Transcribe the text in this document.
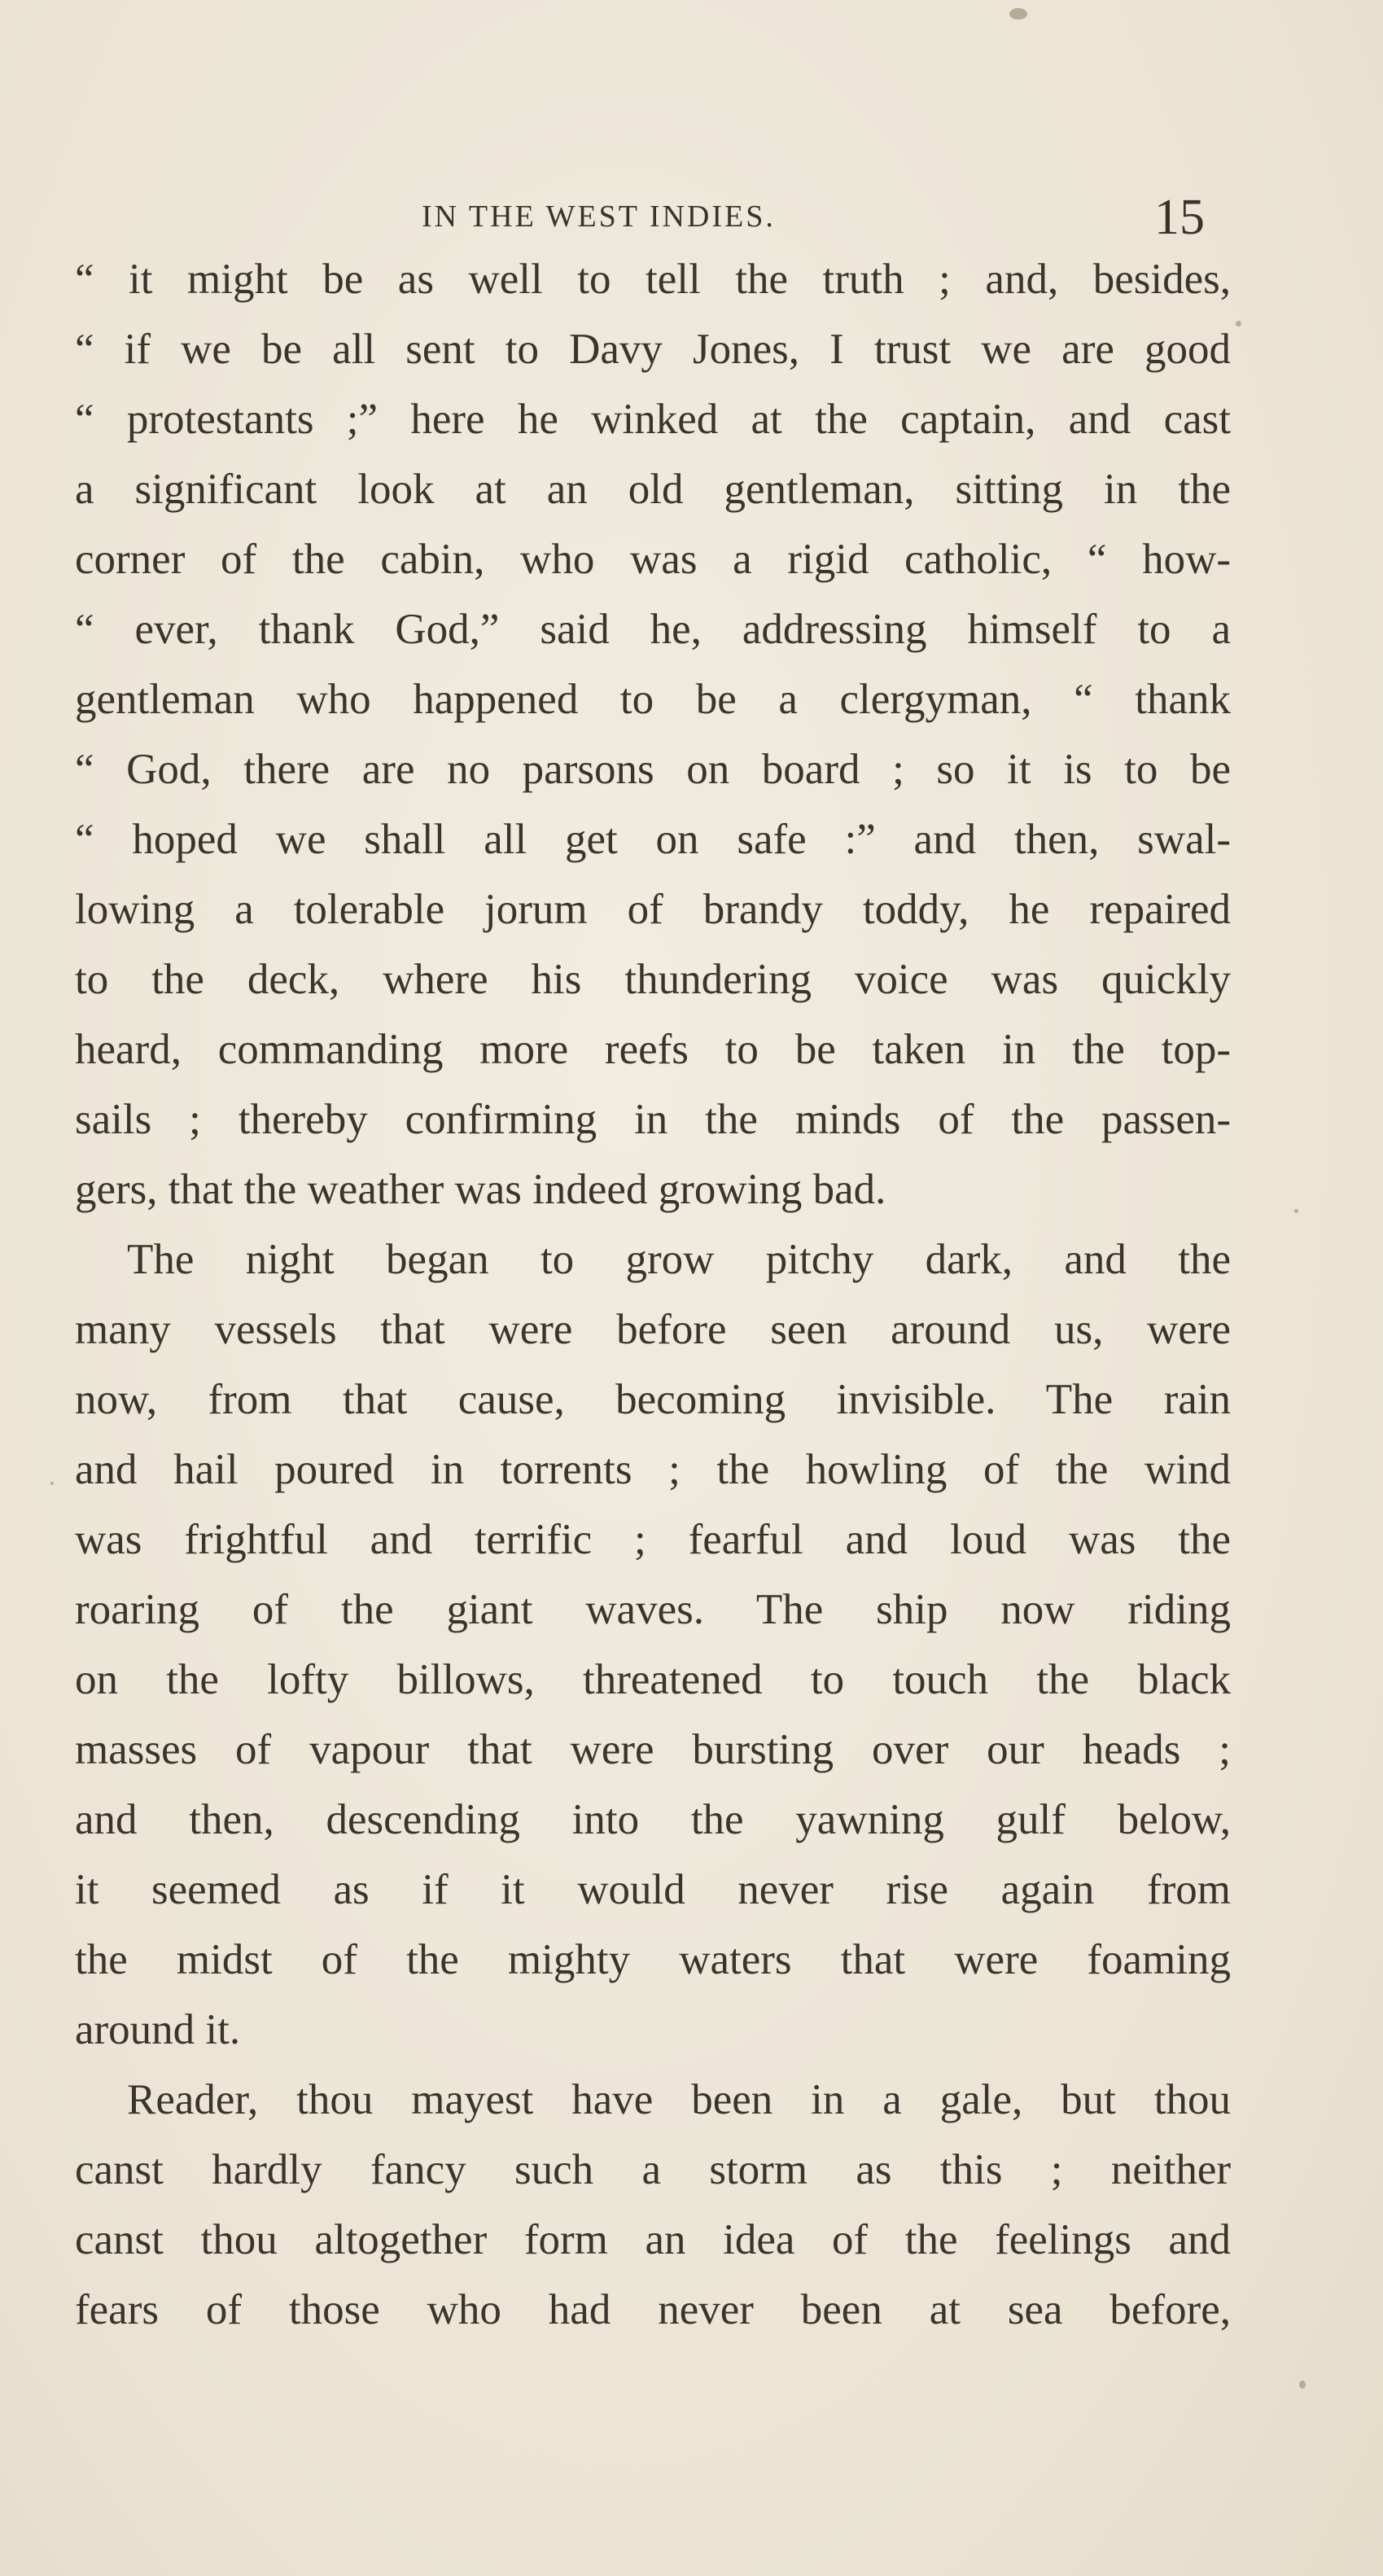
IN THE WEST INDIES.	15
“ it might be as well to tell the truth ; and, besides,
“ if we be all sent to Davy Jones, I trust we are good
“ protestants ;” here he winked at the captain, and cast
a significant look at an old gentleman, sitting in the
corner of the cabin, who was a rigid catholic, “ how-
“ ever, thank God,” said he, addressing himself to a
gentleman who happened to be a clergyman, “ thank
“ God, there are no parsons on board ; so it is to be
“ hoped we shall all get on safe :” and then, swal-
lowing a tolerable jorum of brandy toddy, he repaired
to the deck, where his thundering voice was quickly
heard, commanding more reefs to be taken in the top-
sails ; thereby confirming in the minds of the passen-
gers, that the weather was indeed growing bad.
The night began to grow pitchy dark, and the
many vessels that were before seen around us, were
now, from that cause, becoming invisible. The rain
and hail poured in torrents ; the howling of the wind
was frightful and terrific ; fearful and loud was the
roaring of the giant waves. The ship now riding
on the lofty billows, threatened to touch the black
masses of vapour that were bursting over our heads ;
and then, descending into the yawning gulf below,
it seemed as if it would never rise again from
the midst of the mighty waters that were foaming
around it.
Reader, thou mayest have been in a gale, but thou
canst hardly fancy such a storm as this ; neither
canst thou altogether form an idea of the feelings and
fears of those who had never been at sea before,
